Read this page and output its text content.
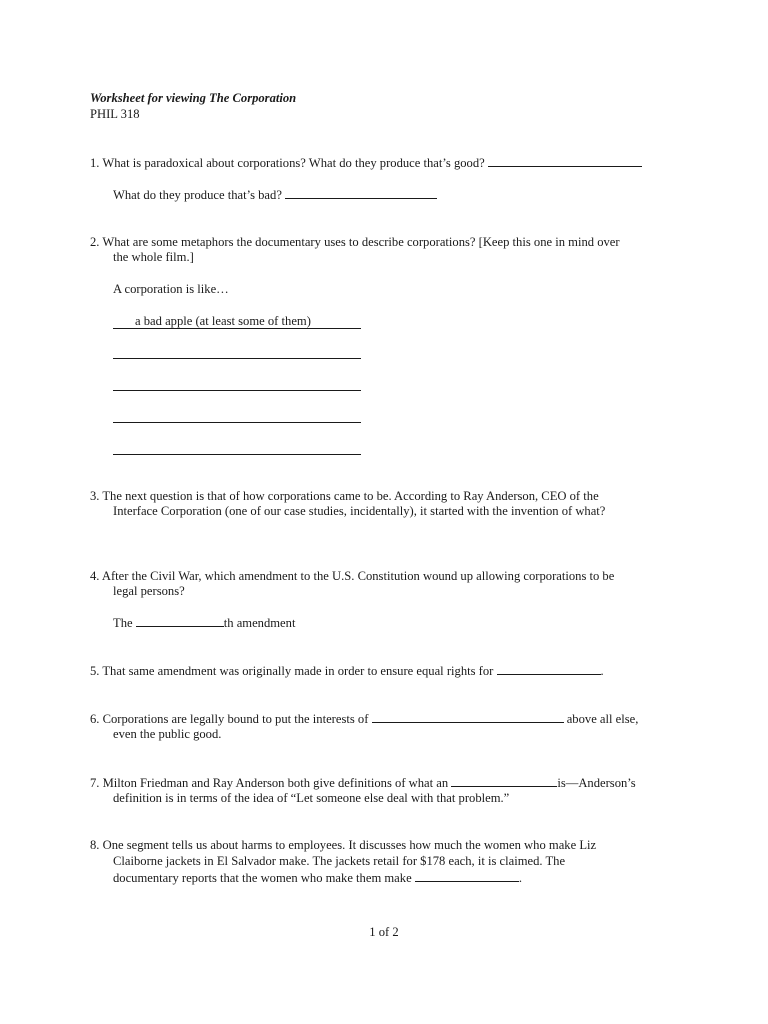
Worksheet for viewing The Corporation
PHIL 318
1. What is paradoxical about corporations? What do they produce that’s good?
What do they produce that’s bad?
2. What are some metaphors the documentary uses to describe corporations? [Keep this one in mind over
the whole film.]
A corporation is like…
a bad apple (at least some of them)
3. The next question is that of how corporations came to be. According to Ray Anderson, CEO of the
Interface Corporation (one of our case studies, incidentally), it started with the invention of what?
4. After the Civil War, which amendment to the U.S. Constitution wound up allowing corporations to be
legal persons?
The	th amendment
5. That same amendment was originally made in order to ensure equal rights for	.
6. Corporations are legally bound to put the interests of	above all else,
even the public good.
7. Milton Friedman and Ray Anderson both give definitions of what an	is—Anderson’s
definition is in terms of the idea of “Let someone else deal with that problem.”
8. One segment tells us about harms to employees. It discusses how much the women who make Liz
Claiborne jackets in El Salvador make. The jackets retail for $178 each, it is claimed. The
documentary reports that the women who make them make	.
1 of 2
